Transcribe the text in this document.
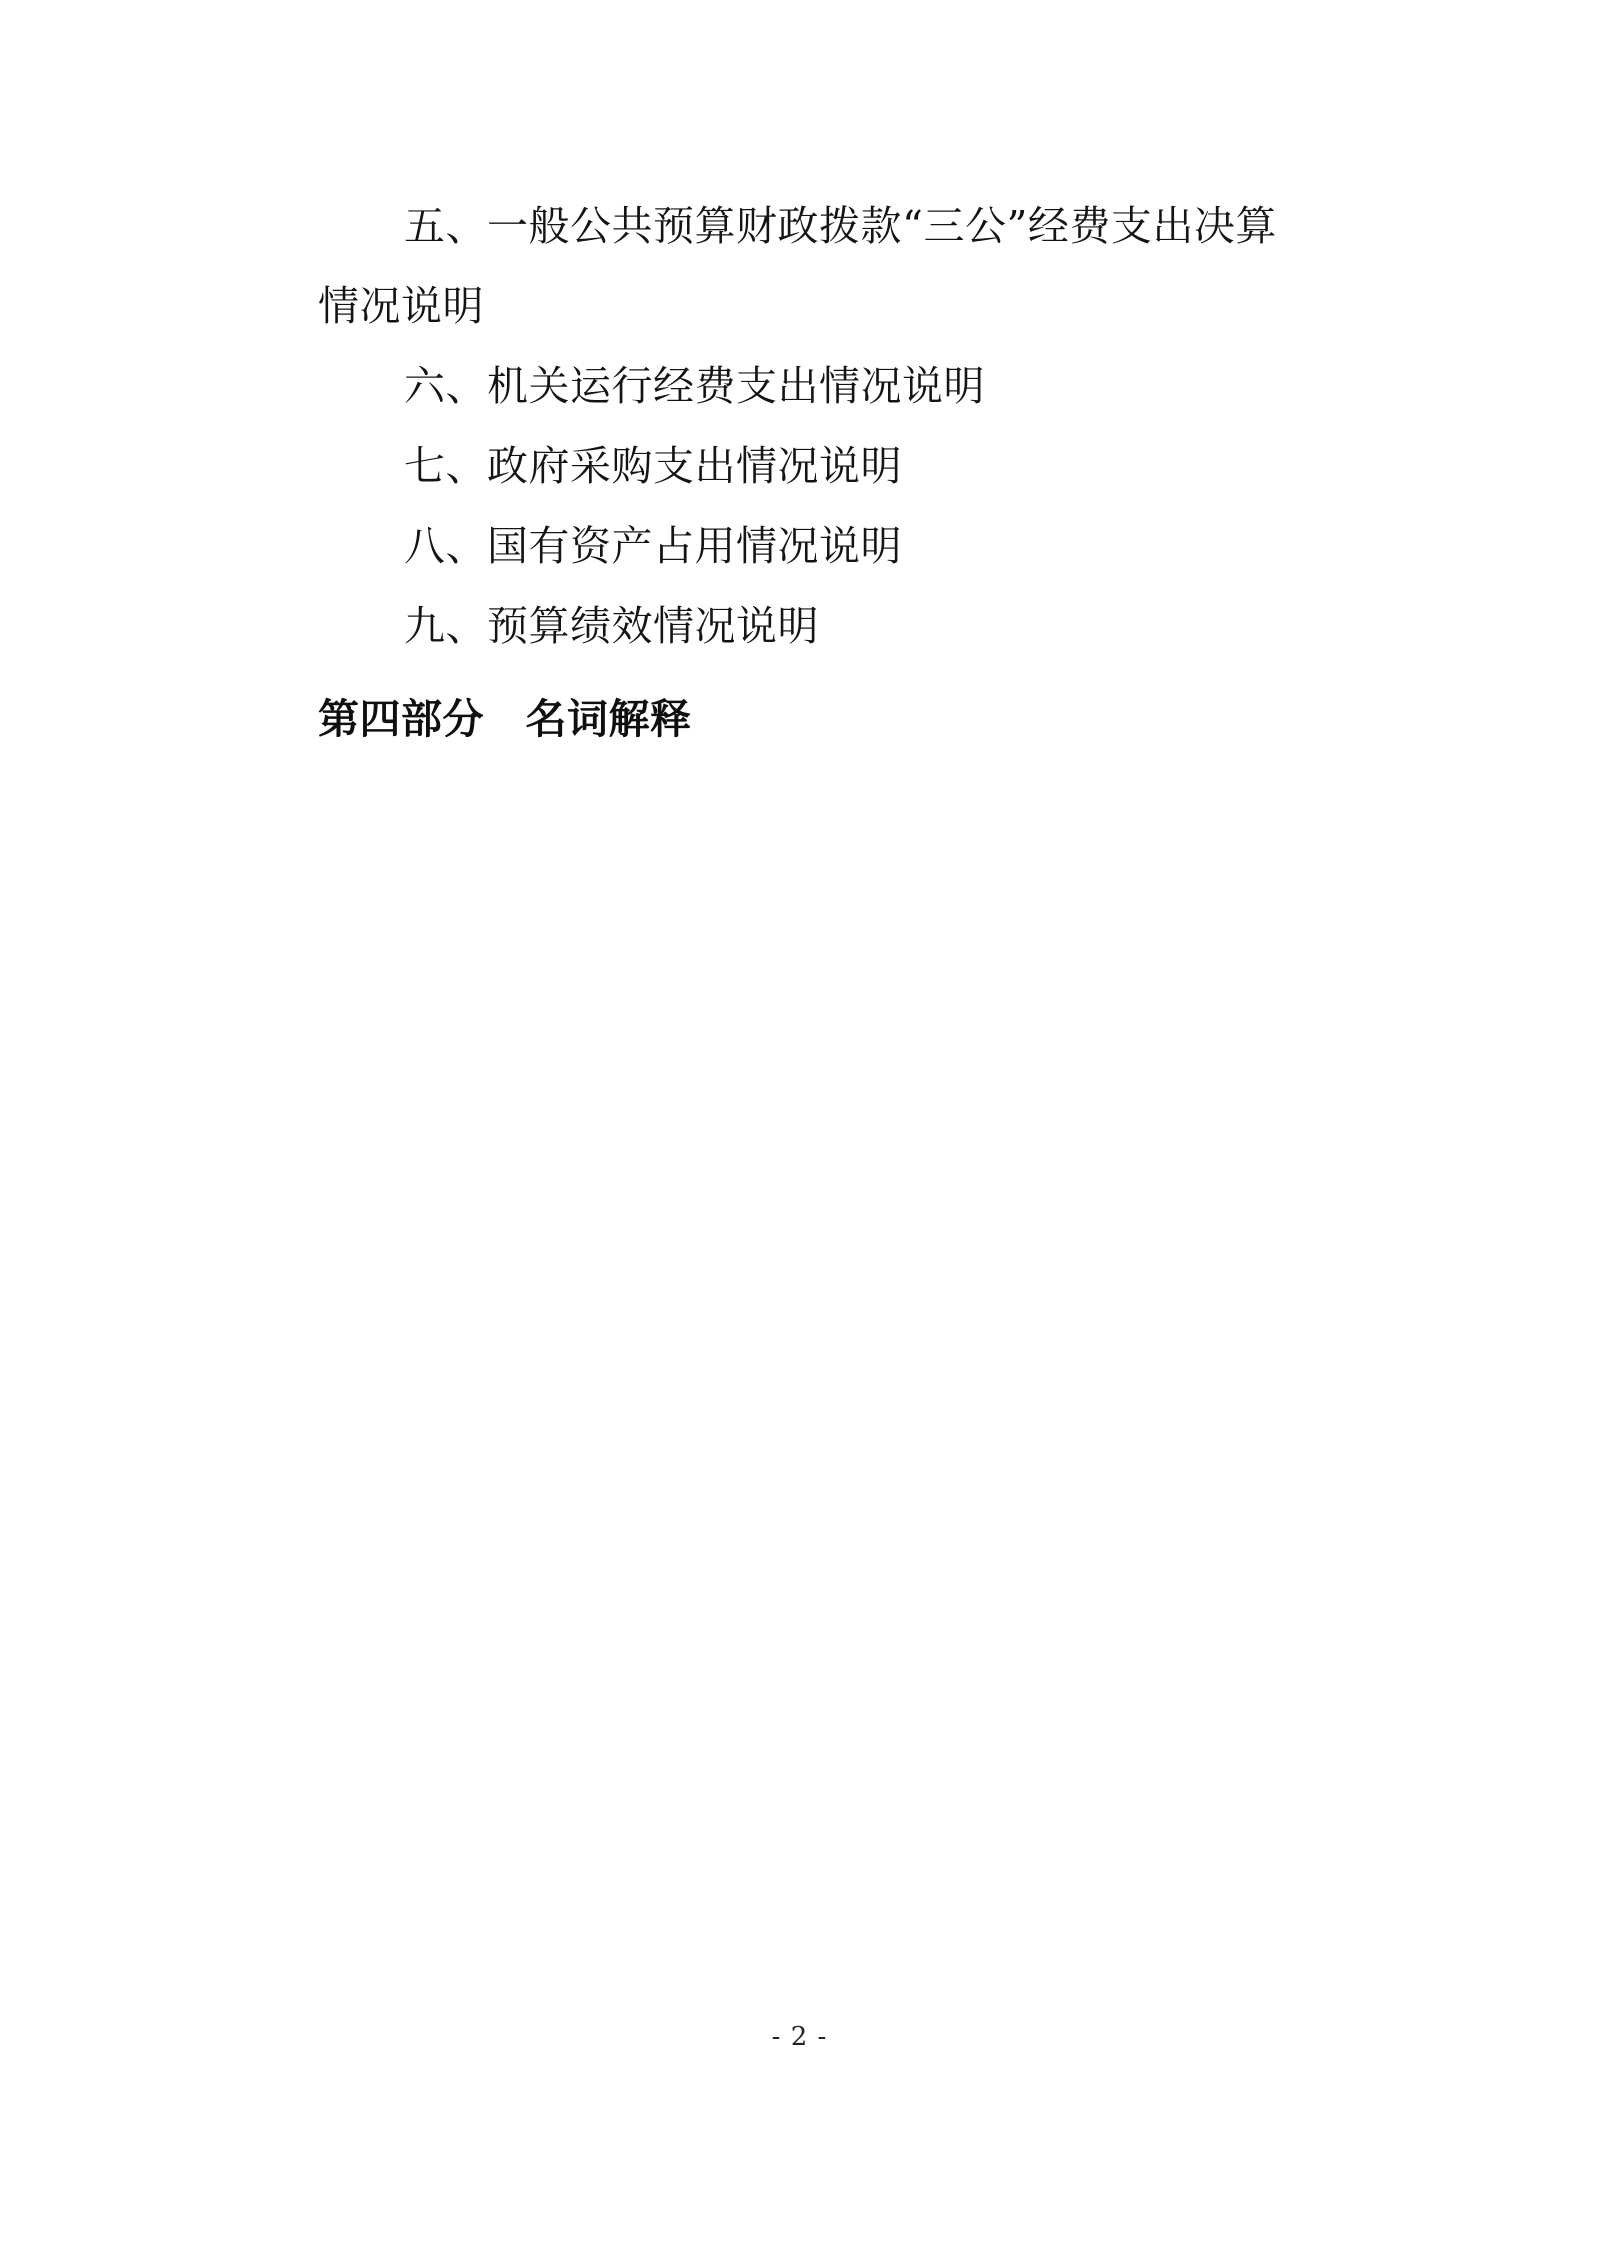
五、一般公共预算财政拨款“三公”经费支出决算
情况说明
六、机关运行经费支出情况说明
七、政府采购支出情况说明
八、国有资产占用情况说明
九、预算绩效情况说明
第四部分　名词解释
- 2 -
